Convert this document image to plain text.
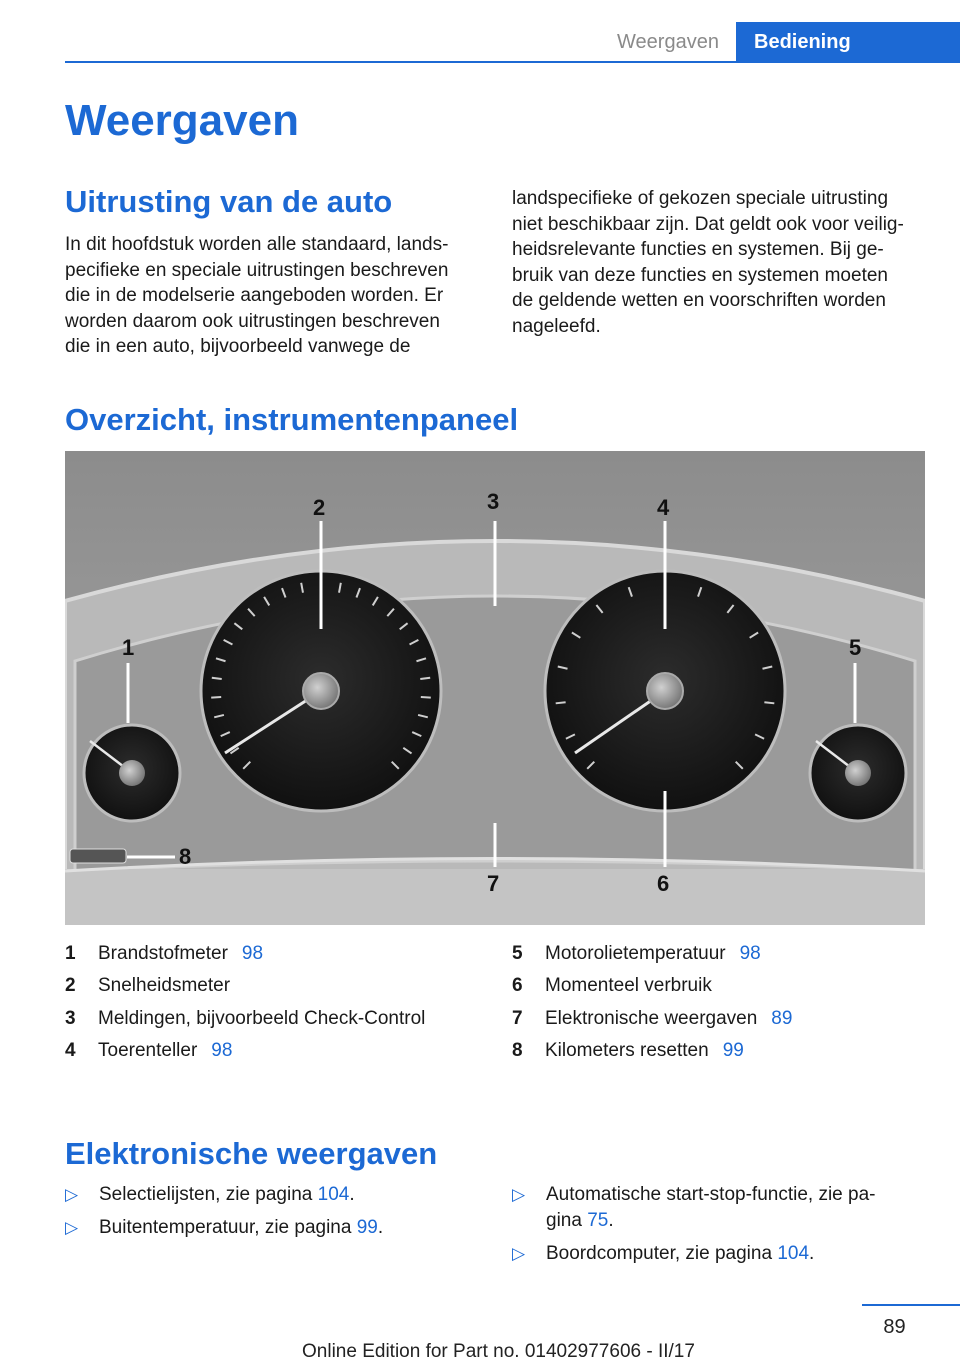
Weergaven	Bediening
Weergaven
Uitrusting van de auto

In dit hoofdstuk worden alle standaard, lands-

pecifieke en speciale uitrustingen beschreven

die in de modelserie aangeboden worden. Er

worden daarom ook uitrustingen beschreven

die in een auto, bijvoorbeeld vanwege de

landspecifieke of gekozen speciale uitrusting

niet beschikbaar zijn. Dat geldt ook voor veilig-

heidsrelevante functies en systemen. Bij ge-

bruik van deze functies en systemen moeten

de geldende wetten en voorschriften worden

nageleefd.

Overzicht, instrumentenpaneel
1
2	3	4
5
6
7
8
1 Brandstofmeter 98
2 Snelheidsmeter
3 Meldingen, bijvoorbeeld Check-Control
4 Toerenteller 98
5 Motorolietemperatuur 98
6 Momenteel verbruik
7 Elektronische weergaven 89
8 Kilometers resetten 99
Elektronische weergaven
▷ Selectielijsten, zie pagina 104.
▷ Buitentemperatuur, zie pagina 99.
▷ Automatische start-stop-functie, zie pa-
gina 75.
▷ Boordcomputer, zie pagina 104.
89
Online Edition for Part no. 01402977606 - II/17
